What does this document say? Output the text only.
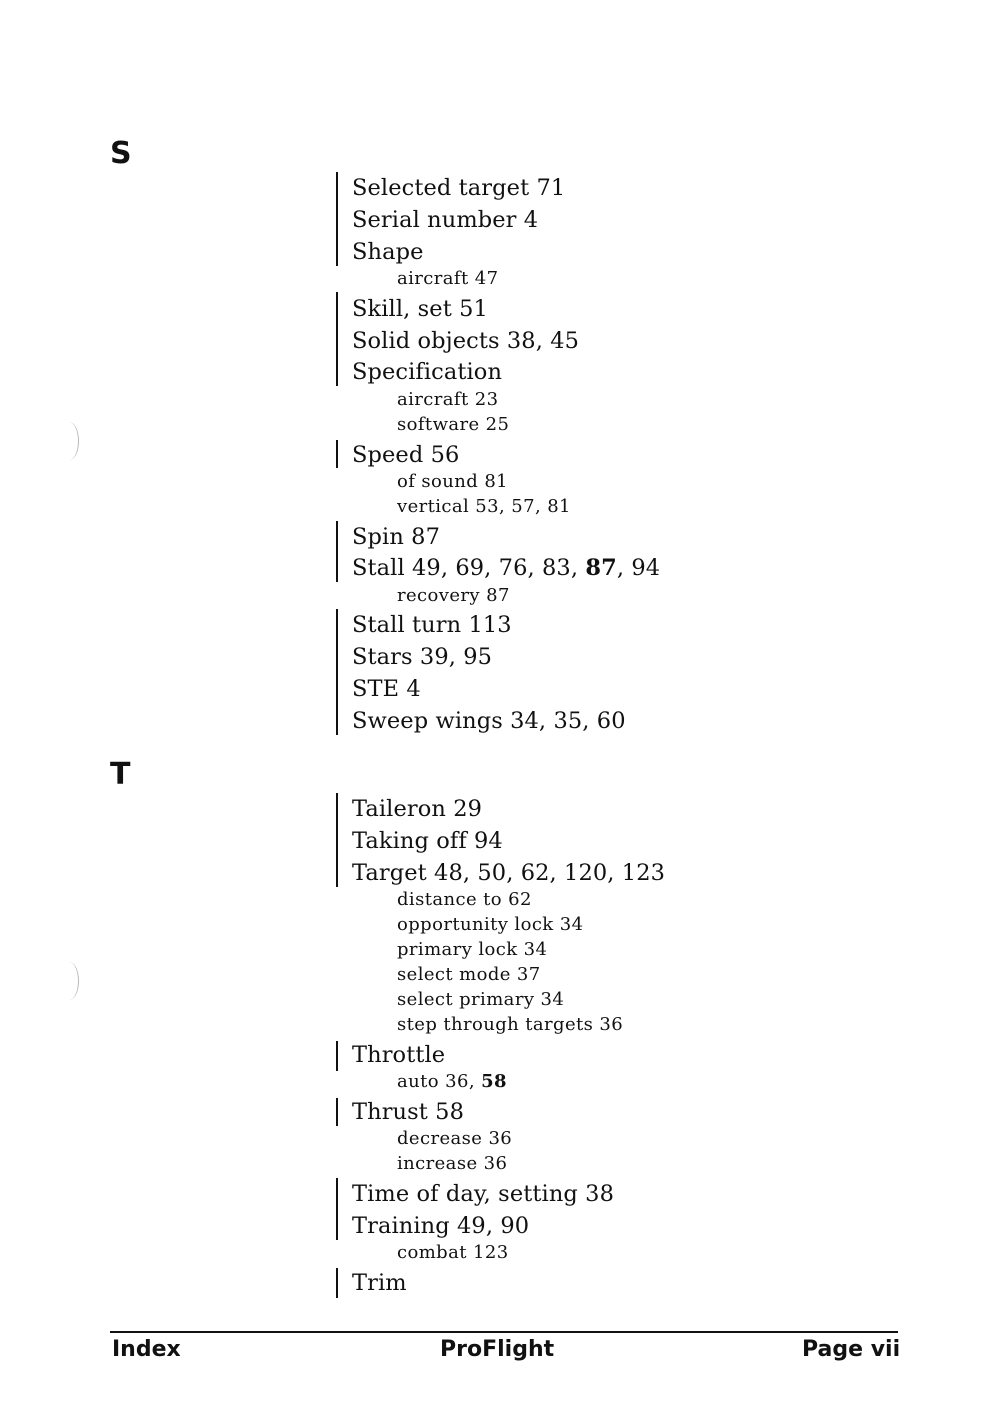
S
Selected target 71
Serial number 4
Shape
aircraft 47
Skill, set 51
Solid objects 38, 45
Specification
aircraft 23
software 25
Speed 56
of sound 81
vertical 53, 57, 81
Spin 87
Stall 49, 69, 76, 83, 87, 94
recovery 87
Stall turn 113
Stars 39, 95
STE 4
Sweep wings 34, 35, 60
T
Taileron 29
Taking off 94
Target 48, 50, 62, 120, 123
distance to 62
opportunity lock 34
primary lock 34
select mode 37
select primary 34
step through targets 36
Throttle
auto 36, 58
Thrust 58
decrease 36
increase 36
Time of day, setting 38
Training 49, 90
combat 123
Trim
Index	ProFlight	Page vii
